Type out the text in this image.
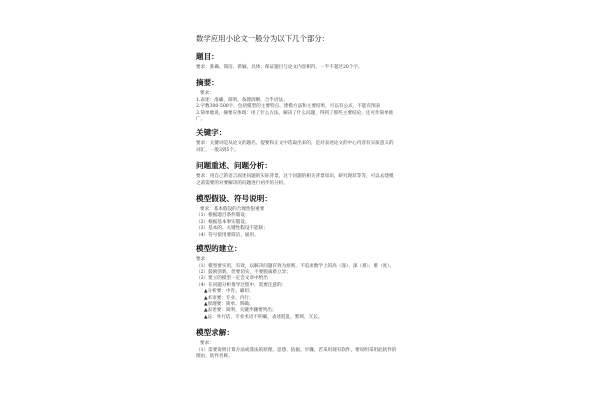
数学应用小论文一般分为以下几个部分：
题目：
要求：准确、简洁、新颖、具体；保证题目与论文内容相符，一半不超过20个字。
摘要：
要求：
1.表述：准确、简明、条理清晰、合乎语法；
2.字数300-500字，包括模型的主要特点、建模方法和主要结果，可以有公式，不能有图表
3.简单地说，摘要应体现：用了什么方法，解决了什么问题，得到了那些主要结论，还可作简单推
广。
关键字：
要求：关键词是从论文的题名、提要和正文中选取出来的，是对表述论文的中心内容有实质意义的
词汇，一般3到5个。
问题重述、问题分析：
要求：用自己的语言叙述问题的实际背景，这个问题的相关背景知识，研究现状等等，可以去建模
之前需要的对要解决的问题进行初步的分析。
模型假设、符号说明：
要求：基本假设的合理性很重要
（1）根据题目条件假设；
（2）根据基本事实假设；
（3）基本的、关键性假设不能缺；
（4）符号使用要简洁、通用。
模型的建立：
要求：
（1）模型要实用，有效，以解决问题有效为原则。不追求数学上的高（深）、深（难）、难（度）。
（2）鼓励创新，但要切实，不要脱离新立异；
（3）建立的模型一定会文章中给出
（4）在问题分析推导过程中，需要注意的：
▲分析要：中肯、确切；
▲术语要：专业、内行；
▲原理要：简单、明确；
▲表述要：简明，关键步骤要列出；
▲忌：外行话，专业术语不明确，表述混乱，繁琐，冗长。
模型求解：
要求：
（1）需要说明计算方法或算法的原理、思想、依据、步骤，若采用现有软件，要说明采用此软件的
理由，软件名称。
